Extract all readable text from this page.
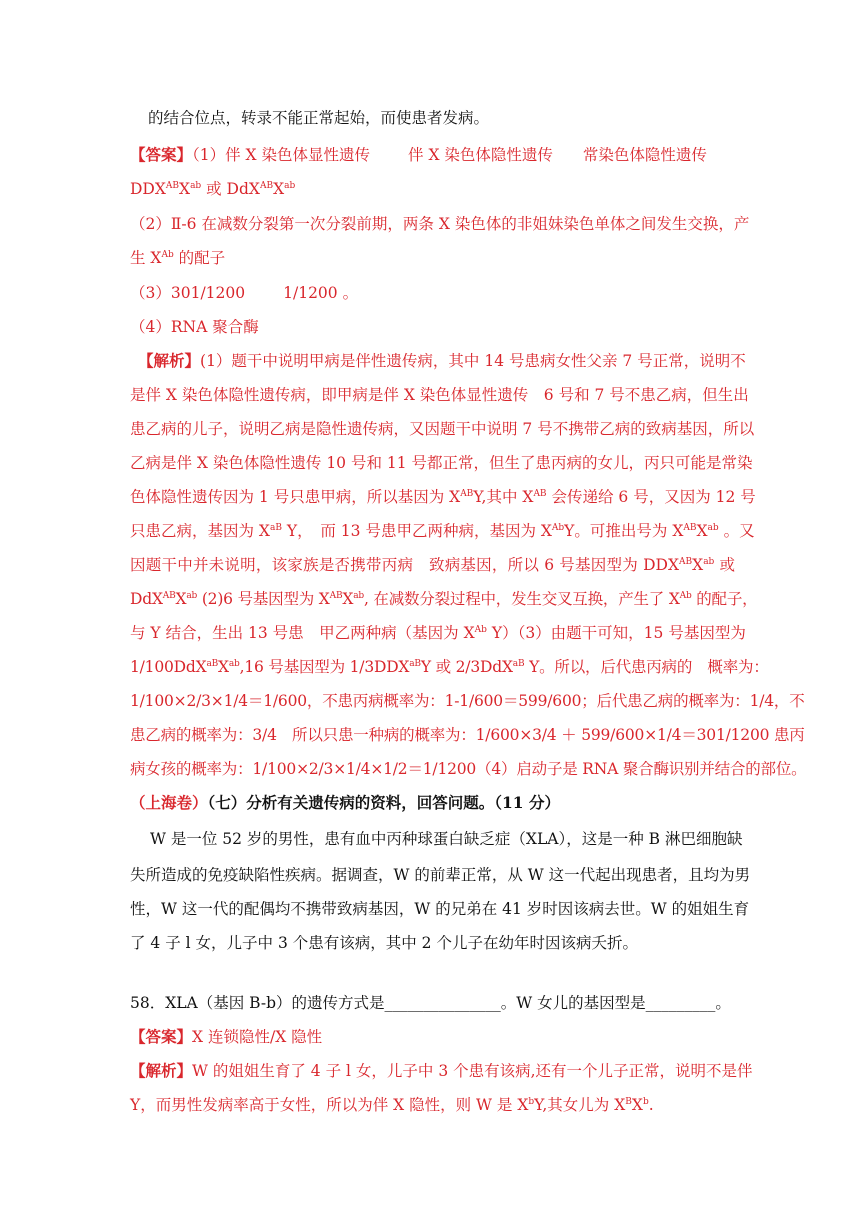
的结合位点，转录不能正常起始，而使患者发病。
【答案】（1）伴 X 染色体显性遗传 伴 X 染色体隐性遗传 常染色体隐性遗传
$DDX^{AB}X^{ab}$ 或 $DdX^{AB}X^{ab}$
（2）Ⅱ-6 在减数分裂第一次分裂前期，两条 X 染色体的非姐妹染色单体之间发生交换，产
生 $X^{Ab}$ 的配子
（3）301/1200 1/1200 。
（4）RNA 聚合酶
【解析】(1）题干中说明甲病是伴性遗传病，其中 14 号患病女性父亲 7 号正常，说明不
是伴 X 染色体隐性遗传病，即甲病是伴 X 染色体显性遗传　6 号和 7 号不患乙病，但生出
患乙病的儿子，说明乙病是隐性遗传病，又因题干中说明 7 号不携带乙病的致病基因，所以
乙病是伴 X 染色体隐性遗传 10 号和 11 号都正常，但生了患丙病的女儿，丙只可能是常染
色体隐性遗传因为 1 号只患甲病，所以基因为 $X^{AB}Y$,其中 $X^{AB}$ 会传递给 6 号，又因为 12 号
只患乙病，基因为 $X^{aB}$ Y，　而 13 号患甲乙两种病，基因为 $X^{Ab}Y$。可推出号为 $X^{AB}X^{ab}$ 。又
因题干中并未说明，该家族是否携带丙病　致病基因，所以 6 号基因型为 $DDX^{AB}X^{ab}$ 或
$DdX^{AB}X^{ab}$ (2)6 号基因型为 $X^{AB}X^{ab}$, 在减数分裂过程中，发生交叉互换，产生了 $X^{Ab}$ 的配子，
与 Y 结合，生出 13 号患　甲乙两种病（基因为 $X^{Ab}$ Y）（3）由题干可知，15 号基因型为
$1/100DdX^{aB}X^{ab},16$ 号基因型为 $1/3DDX^{aB}Y$ 或 2/3DdX$^{aB}$ Y。所以，后代患丙病的　概率为：
1/100×2/3×1/4＝1/600，不患丙病概率为：1-1/600＝599/600；后代患乙病的概率为：1/4，不
患乙病的概率为：3/4　所以只患一种病的概率为：1/600×3/4 ＋ 599/600×1/4＝301/1200 患丙
病女孩的概率为：1/100×2/3×1/4×1/2＝1/1200（4）启动子是 RNA 聚合酶识别并结合的部位。
（上海卷）（七）分析有关遗传病的资料，回答问题。（11 分）
W 是一位 52 岁的男性，患有血中丙种球蛋白缺乏症（XLA），这是一种 B 淋巴细胞缺
失所造成的免疫缺陷性疾病。据调查，W 的前辈正常，从 W 这一代起出现患者，且均为男
性，W 这一代的配偶均不携带致病基因，W 的兄弟在 41 岁时因该病去世。W 的姐姐生育
了 4 子 l 女，儿子中 3 个患有该病，其中 2 个儿子在幼年时因该病夭折。
58．XLA（基因 B-b）的遗传方式是_______________。W 女儿的基因型是_________。
【答案】X 连锁隐性/X 隐性
【解析】W 的姐姐生育了 4 子 l 女，儿子中 3 个患有该病,还有一个儿子正常，说明不是伴
Y，而男性发病率高于女性，所以为伴 X 隐性，则 W 是 $X^bY$,其女儿为 $X^BX^b$.
